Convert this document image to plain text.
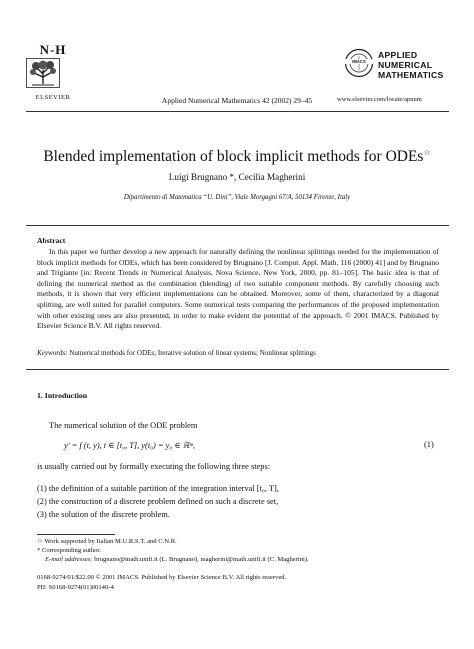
N-H
ELSEVIER	Applied Numerical Mathematics 42 (2002) 29–45
IMACS
APPLIED
NUMERICAL
MATHEMATICS
www.elsevier.com/locate/apnum
Blended implementation of block implicit methods for ODEs☆
Luigi Brugnano *, Cecilia Magherini
Dipartimento di Matematica “U. Dini”, Viale Morgagni 67/A, 50134 Firenze, Italy
Abstract
In this paper we further develop a new approach for naturally defining the nonlinear splittings needed for the implementation of block implicit methods for ODEs, which has been considered by Brugnano [J. Comput. Appl. Math. 116 (2000) 41] and by Brugnano and Trigiante [in: Recent Trends in Numerical Analysis, Nova Science, New York, 2000, pp. 81–105]. The basic idea is that of defining the numerical method as the combination (blending) of two suitable component methods. By carefully choosing such methods, it is shown that very efficient implementations can be obtained. Moreover, some of them, characterized by a diagonal splitting, are well suited for parallel computers. Some numerical tests comparing the performances of the proposed implementation with other existing ones are also presented, in order to make evident the potential of the approach. © 2001 IMACS. Published by Elsevier Science B.V. All rights reserved.
Keywords: Numerical methods for ODEs; Iterative solution of linear systems; Nonlinear splittings
1. Introduction
The numerical solution of the ODE problem
y′ = f (t, y), t ∈ [t₀, T], y(t₀) = y₀ ∈ ℝᵐ,	(1)
is usually carried out by formally executing the following three steps:
(1) the definition of a suitable partition of the integration interval [t₀, T],
(2) the construction of a discrete problem defined on such a discrete set,
(3) the solution of the discrete problem.
☆ Work supported by Italian M.U.R.S.T. and C.N.R.
* Corresponding author.
E-mail addresses: brugnano@math.unifi.it (L. Brugnano), magherini@math.unifi.it (C. Magherini).
0168-9274/01/$22.00 © 2001 IMACS. Published by Elsevier Science B.V. All rights reserved.
PII: S0168-9274(01)00140-4
